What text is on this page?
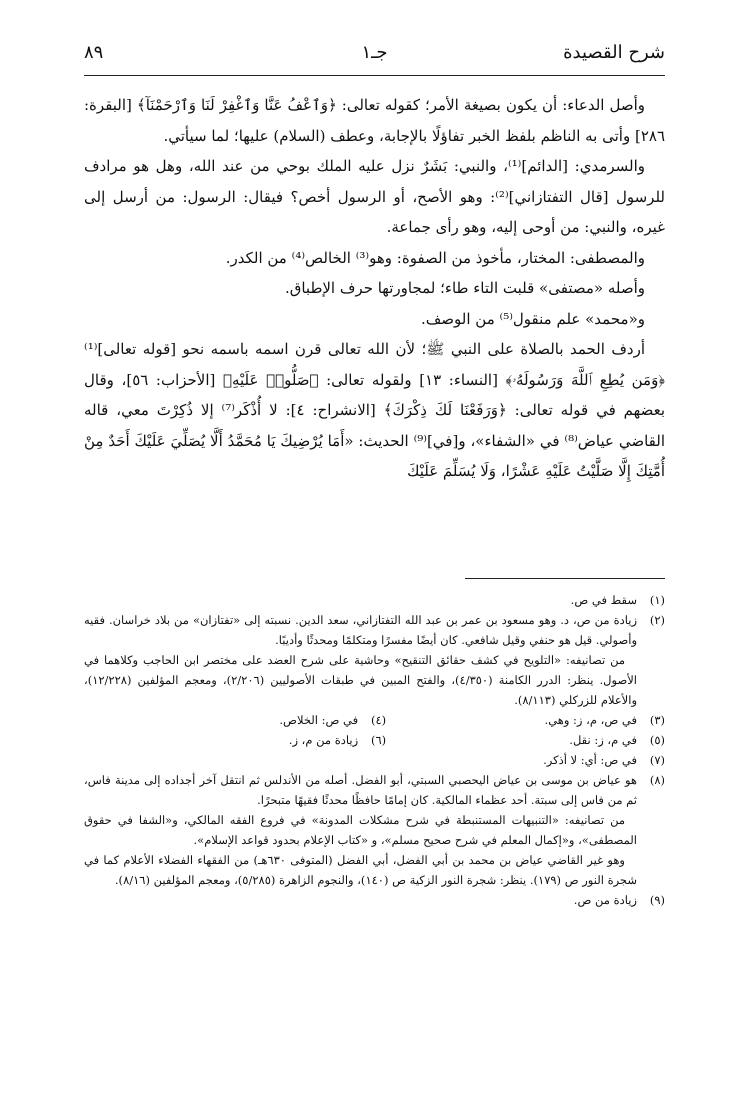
شرح القصيدة
جـ١
٨٩

وأصل الدعاء: أن يكون بصيغة الأمر؛ كقوله تعالى: ﴿وَٱعْفُ عَنَّا وَٱغْفِرْ لَنَا وَٱرْحَمْنَآ﴾ [البقرة: ٢٨٦] وأتى به الناظم بلفظ الخبر تفاؤلًا بالإجابة، وعطف (السلام) عليها؛ لما سيأتي.

والسرمدي: [الدائم]⁽¹⁾، والنبي: بَشَرٌ نزل عليه الملك بوحي من عند الله، وهل هو مرادف للرسول [قال التفتازاني]⁽²⁾: وهو الأصح، أو الرسول أخص؟ فيقال: الرسول: من أرسل إلى غيره، والنبي: من أوحى إليه، وهو رأى جماعة.

والمصطفى: المختار، مأخوذ من الصفوة: وهو⁽³⁾ الخالص⁽⁴⁾ من الكدر.

وأصله «مصتفى» قلبت التاء طاء؛ لمجاورتها حرف الإطباق.

و«محمد» علم منقول⁽⁵⁾ من الوصف.

أردف الحمد بالصلاة على النبي ﷺ؛ لأن الله تعالى قرن اسمه باسمه نحو [قوله تعالى]⁽¹⁾ ﴿وَمَن يُطِعِ ٱللَّهَ وَرَسُولَهُۥ﴾ [النساء: ١٣] ولقوله تعالى: ﴿صَلُّوا۟ عَلَيْهِ﴾ [الأحزاب: ٥٦]، وقال بعضهم في قوله تعالى: ﴿وَرَفَعْنَا لَكَ ذِكْرَكَ﴾ [الانشراح: ٤]: لا أُذْكَر⁽⁷⁾ إلا ذُكِرْتَ معي، قاله القاضي عياض⁽⁸⁾ في «الشفاء»، و[في]⁽⁹⁾ الحديث: «أَمَا يُرْضِيكَ يَا مُحَمَّدُ أَلَّا يُصَلِّيَ عَلَيْكَ أَحَدٌ مِنْ أُمَّتِكَ إِلَّا صَلَّيْتُ عَلَيْهِ عَشْرًا، وَلَا يُسَلِّمَ عَلَيْكَ

(١)
سقط في ص.
(٢)
زيادة من ص، د. وهو مسعود بن عمر بن عبد الله التفتازاني، سعد الدين. نسبته إلى «تفتازان» من بلاد خراسان. فقيه وأصولي. قيل هو حنفي وقيل شافعي. كان أيضًا مفسرًا ومتكلمًا ومحدثًا وأديبًا.

من تصانيفه: «التلويح في كشف حقائق التنقيح» وحاشية على شرح العضد على مختصر ابن الحاجب وكلاهما في الأصول. ينظر: الدرر الكامنة (٤/٣٥٠)، والفتح المبين في طبقات الأصوليين (٢/٢٠٦)، ومعجم المؤلفين (١٢/٢٢٨)، والأعلام للزركلي (٨/١١٣).

(٣)
في ص، م، ز: وهي.
(٤)
في ص: الخلاص.
(٥)
في م، ز: نقل.
(٦)
زيادة من م، ز.
(٧)
في ص: أي: لا أذكر.
(٨)
هو عياض بن موسى بن عياض اليحصبي السبتي، أبو الفضل. أصله من الأندلس ثم انتقل آخر أجداده إلى مدينة فاس، ثم من فاس إلى سبتة. أحد عظماء المالكية. كان إمامًا حافظًا محدثًا فقيهًا متبحرًا.

من تصانيفه: «التنبيهات المستنبطة في شرح مشكلات المدونة» في فروع الفقه المالكي، و«الشفا في حقوق المصطفى»، و«إكمال المعلم في شرح صحيح مسلم»، و «كتاب الإعلام بحدود قواعد الإسلام».

وهو غير القاضي عياض بن محمد بن أبي الفضل، أبي الفضل (المتوفى ٦٣٠هـ) من الفقهاء الفضلاء الأعلام كما في شجرة النور ص (١٧٩). ينظر: شجرة النور الزكية ص (١٤٠)، والنجوم الزاهرة (٥/٢٨٥)، ومعجم المؤلفين (٨/١٦).

(٩)
زيادة من ص.
